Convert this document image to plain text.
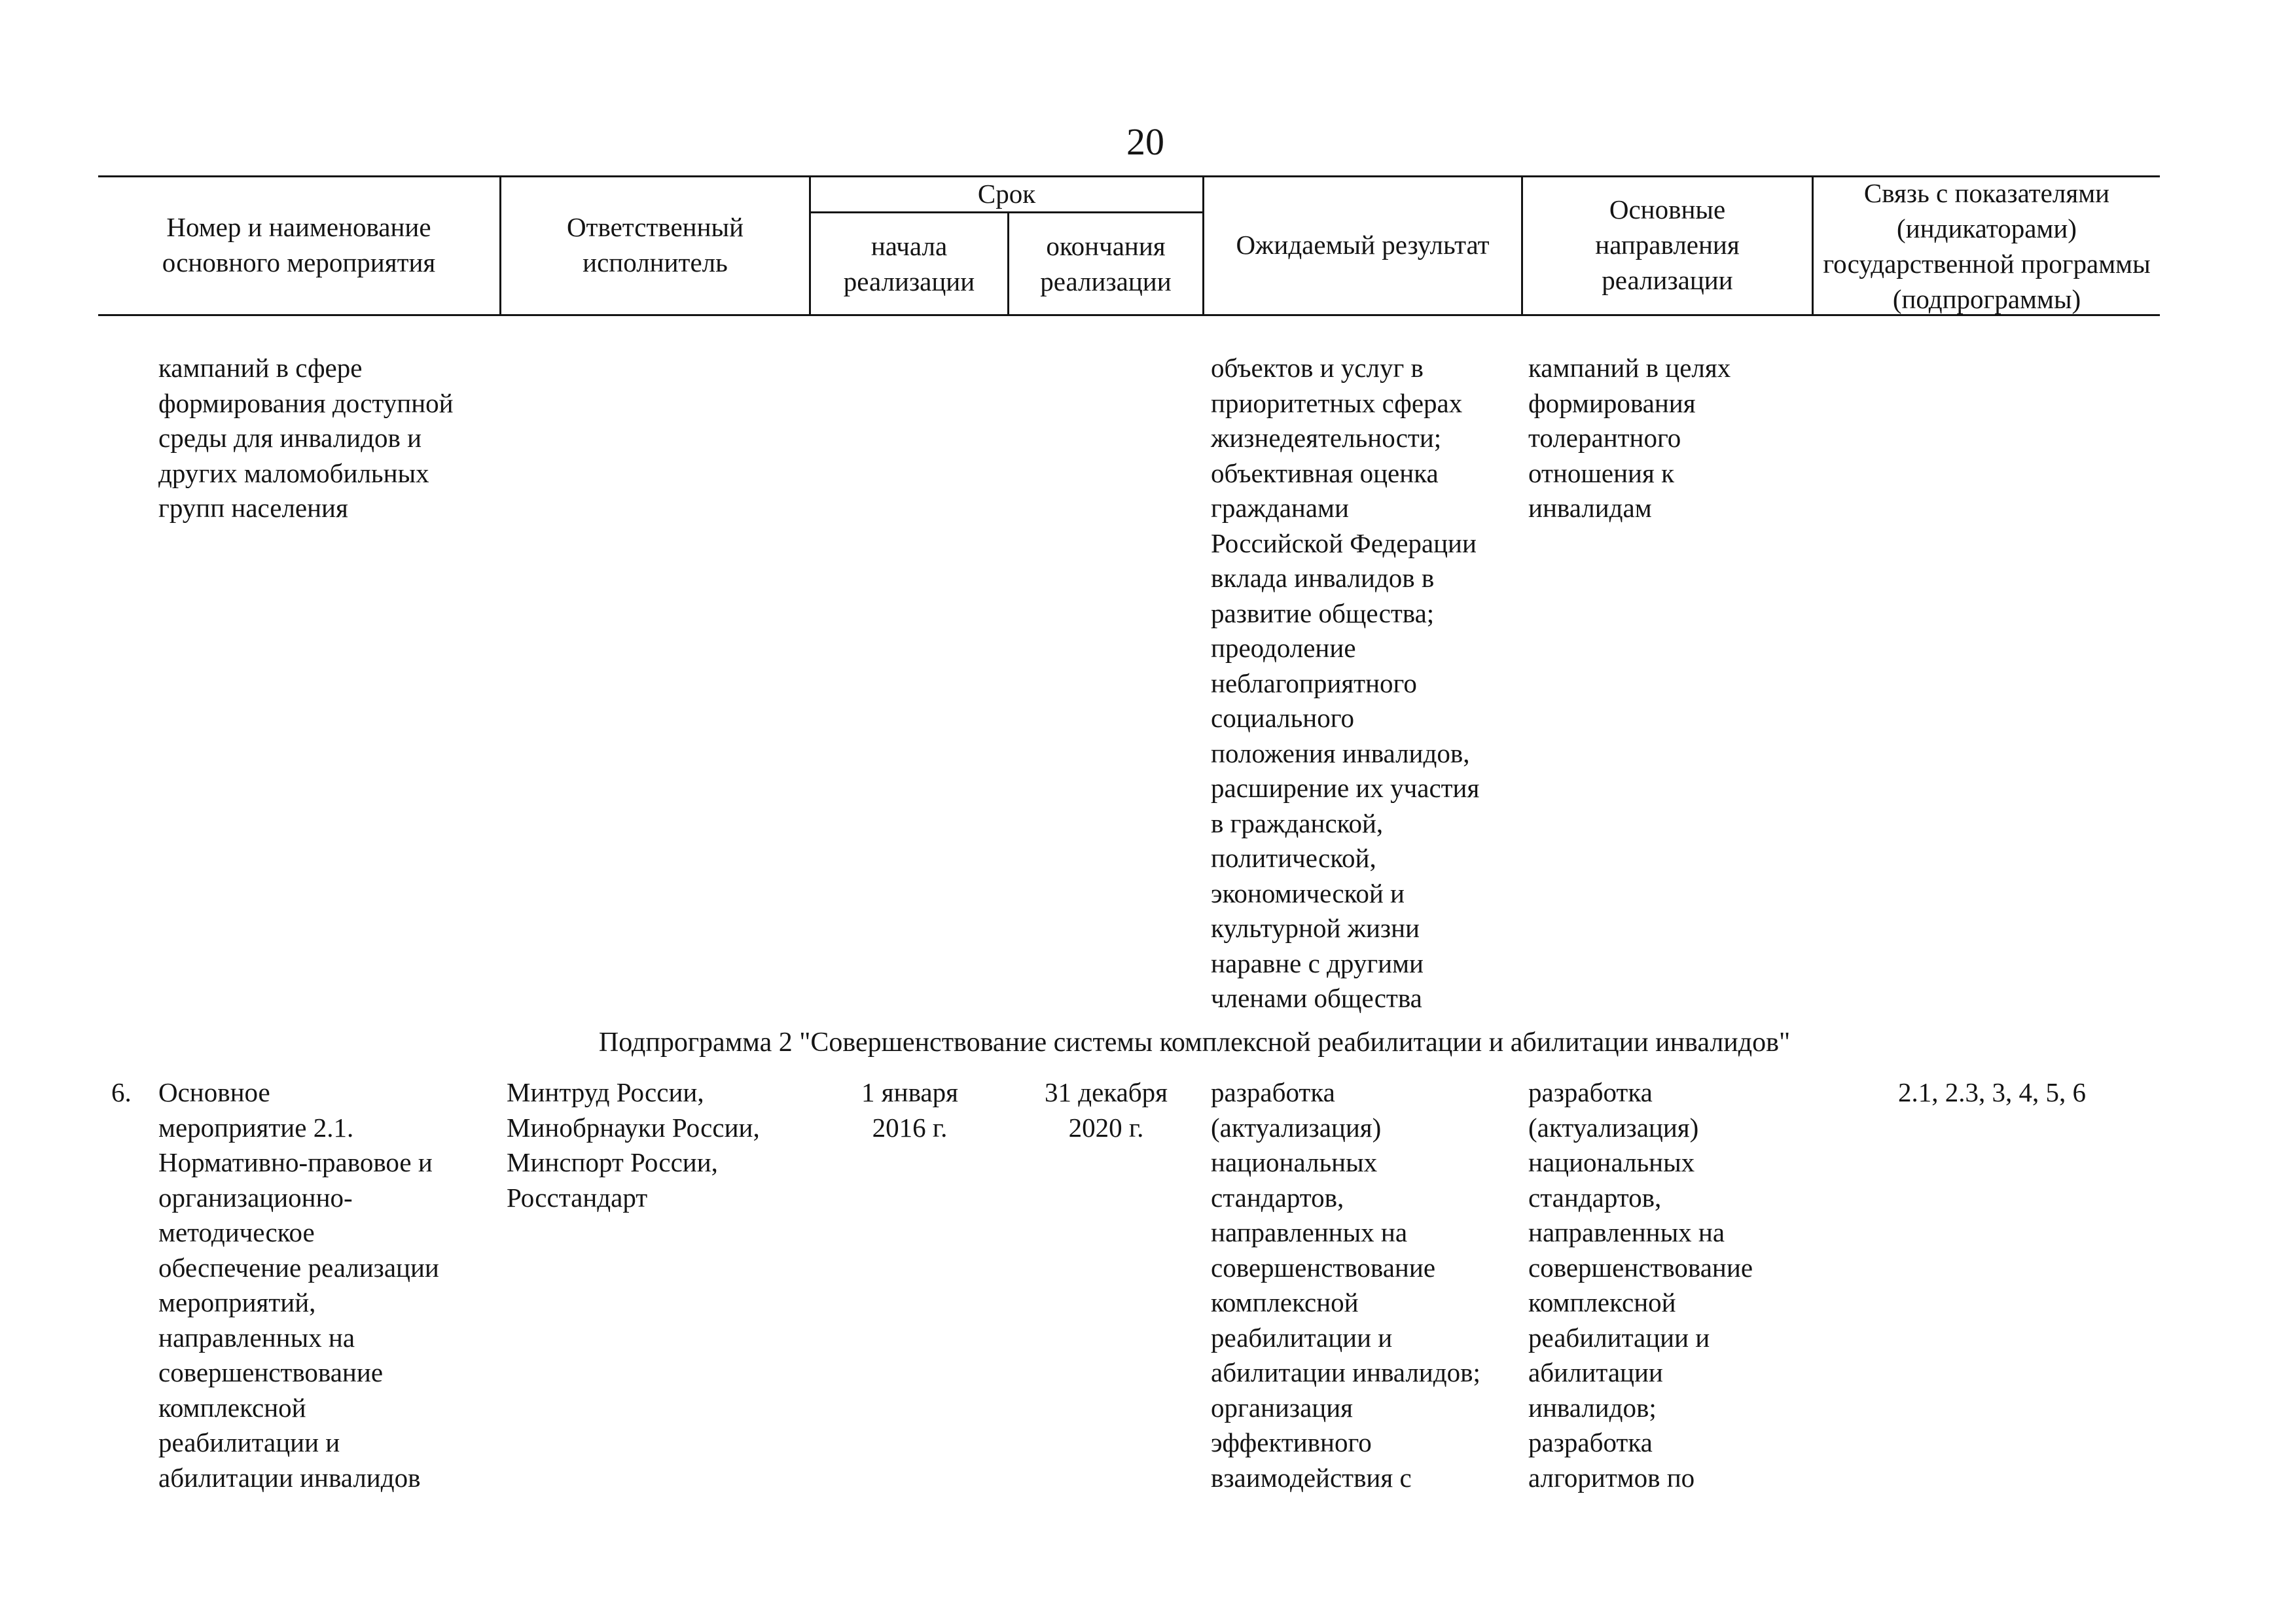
20
Номер и наименование
основного мероприятия
Ответственный
исполнитель
Срок
начала
реализации
окончания
реализации
Ожидаемый результат
Основные
направления
реализации
Связь с показателями
(индикаторами)
государственной программы
(подпрограммы)
кампаний в сфере
формирования доступной
среды для инвалидов и
других маломобильных
групп населения
объектов и услуг в
приоритетных сферах
жизнедеятельности;
объективная оценка
гражданами
Российской Федерации
вклада инвалидов в
развитие общества;
преодоление
неблагоприятного
социального
положения инвалидов,
расширение их участия
в гражданской,
политической,
экономической и
культурной жизни
наравне с другими
членами общества
кампаний в целях
формирования
толерантного
отношения к
инвалидам
Подпрограмма 2 "Совершенствование системы комплексной реабилитации и абилитации инвалидов"
6. Основное
мероприятие 2.1.
Нормативно-правовое и
организационно-
методическое
обеспечение реализации
мероприятий,
направленных на
совершенствование
комплексной
реабилитации и
абилитации инвалидов
Минтруд России,
Минобрнауки России,
Минспорт России,
Росстандарт
1 января
2016 г.
31 декабря
2020 г.
разработка
(актуализация)
национальных
стандартов,
направленных на
совершенствование
комплексной
реабилитации и
абилитации инвалидов;
организация
эффективного
взаимодействия с
разработка
(актуализация)
национальных
стандартов,
направленных на
совершенствование
комплексной
реабилитации и
абилитации
инвалидов;
разработка
алгоритмов по
2.1, 2.3, 3, 4, 5, 6
